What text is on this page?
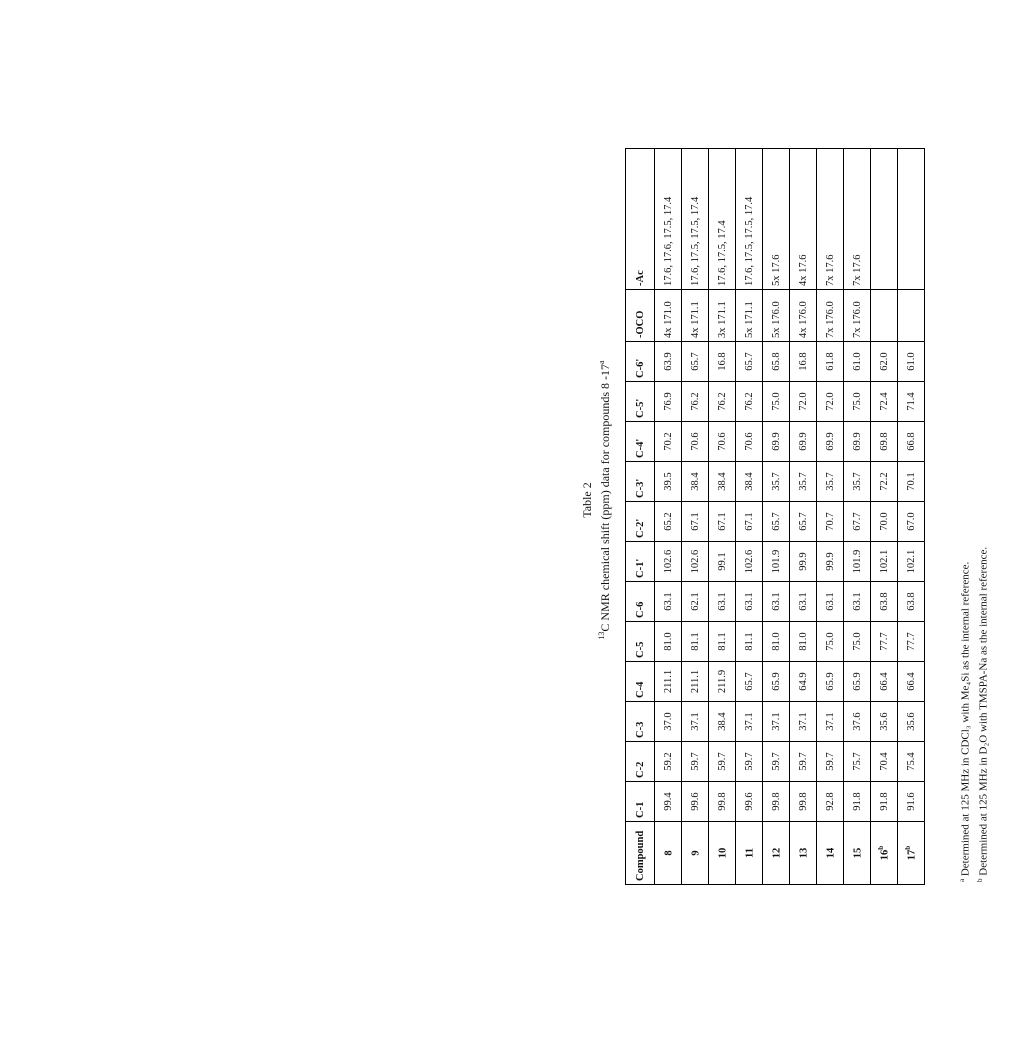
Table 2
$^{13}$C NMR chemical shift (ppm) data for compounds 8 -17$^a$
Compound	C-1	C-2	C-3	C-4	C-5	C-6	C-1'	C-2'	C-3'	C-4'	C-5'	C-6'	-OCO	-Ac
8	99.4	59.2	37.0	211.1	81.0	63.1	102.6	65.2	39.5	70.2	76.9	63.9	4x 171.0	17.6, 17.6, 17.5, 17.4
9	99.6	59.7	37.1	211.1	81.1	62.1	102.6	67.1	38.4	70.6	76.2	65.7	4x 171.1	17.6, 17.5, 17.5, 17.4
10	99.8	59.7	38.4	211.9	81.1	63.1	99.1	67.1	38.4	70.6	76.2	16.8	3x 171.1	17.6, 17.5, 17.4
11	99.6	59.7	37.1	65.7	81.1	63.1	102.6	67.1	38.4	70.6	76.2	65.7	5x 171.1	17.6, 17.5, 17.5, 17.4
12	99.8	59.7	37.1	65.9	81.0	63.1	101.9	65.7	35.7	69.9	75.0	65.8	5x 176.0	5x 17.6
13	99.8	59.7	37.1	64.9	81.0	63.1	99.9	65.7	35.7	69.9	72.0	16.8	4x 176.0	4x 17.6
14	92.8	59.7	37.1	65.9	75.0	63.1	99.9	70.7	35.7	69.9	72.0	61.8	7x 176.0	7x 17.6
15	91.8	75.7	37.6	65.9	75.0	63.1	101.9	67.7	35.7	69.9	75.0	61.0	7x 176.0	7x 17.6
16$^b$	91.8	70.4	35.6	66.4	77.7	63.8	102.1	70.0	72.2	69.8	72.4	62.0		
17$^b$	91.6	75.4	35.6	66.4	77.7	63.8	102.1	67.0	70.1	66.8	71.4	61.0		
$^a$ Determined at 125 MHz in CDCl₃ with Me₄Si as the internal reference.
$^b$ Determined at 125 MHz in D₂O with TMSPA-Na as the internal reference.
